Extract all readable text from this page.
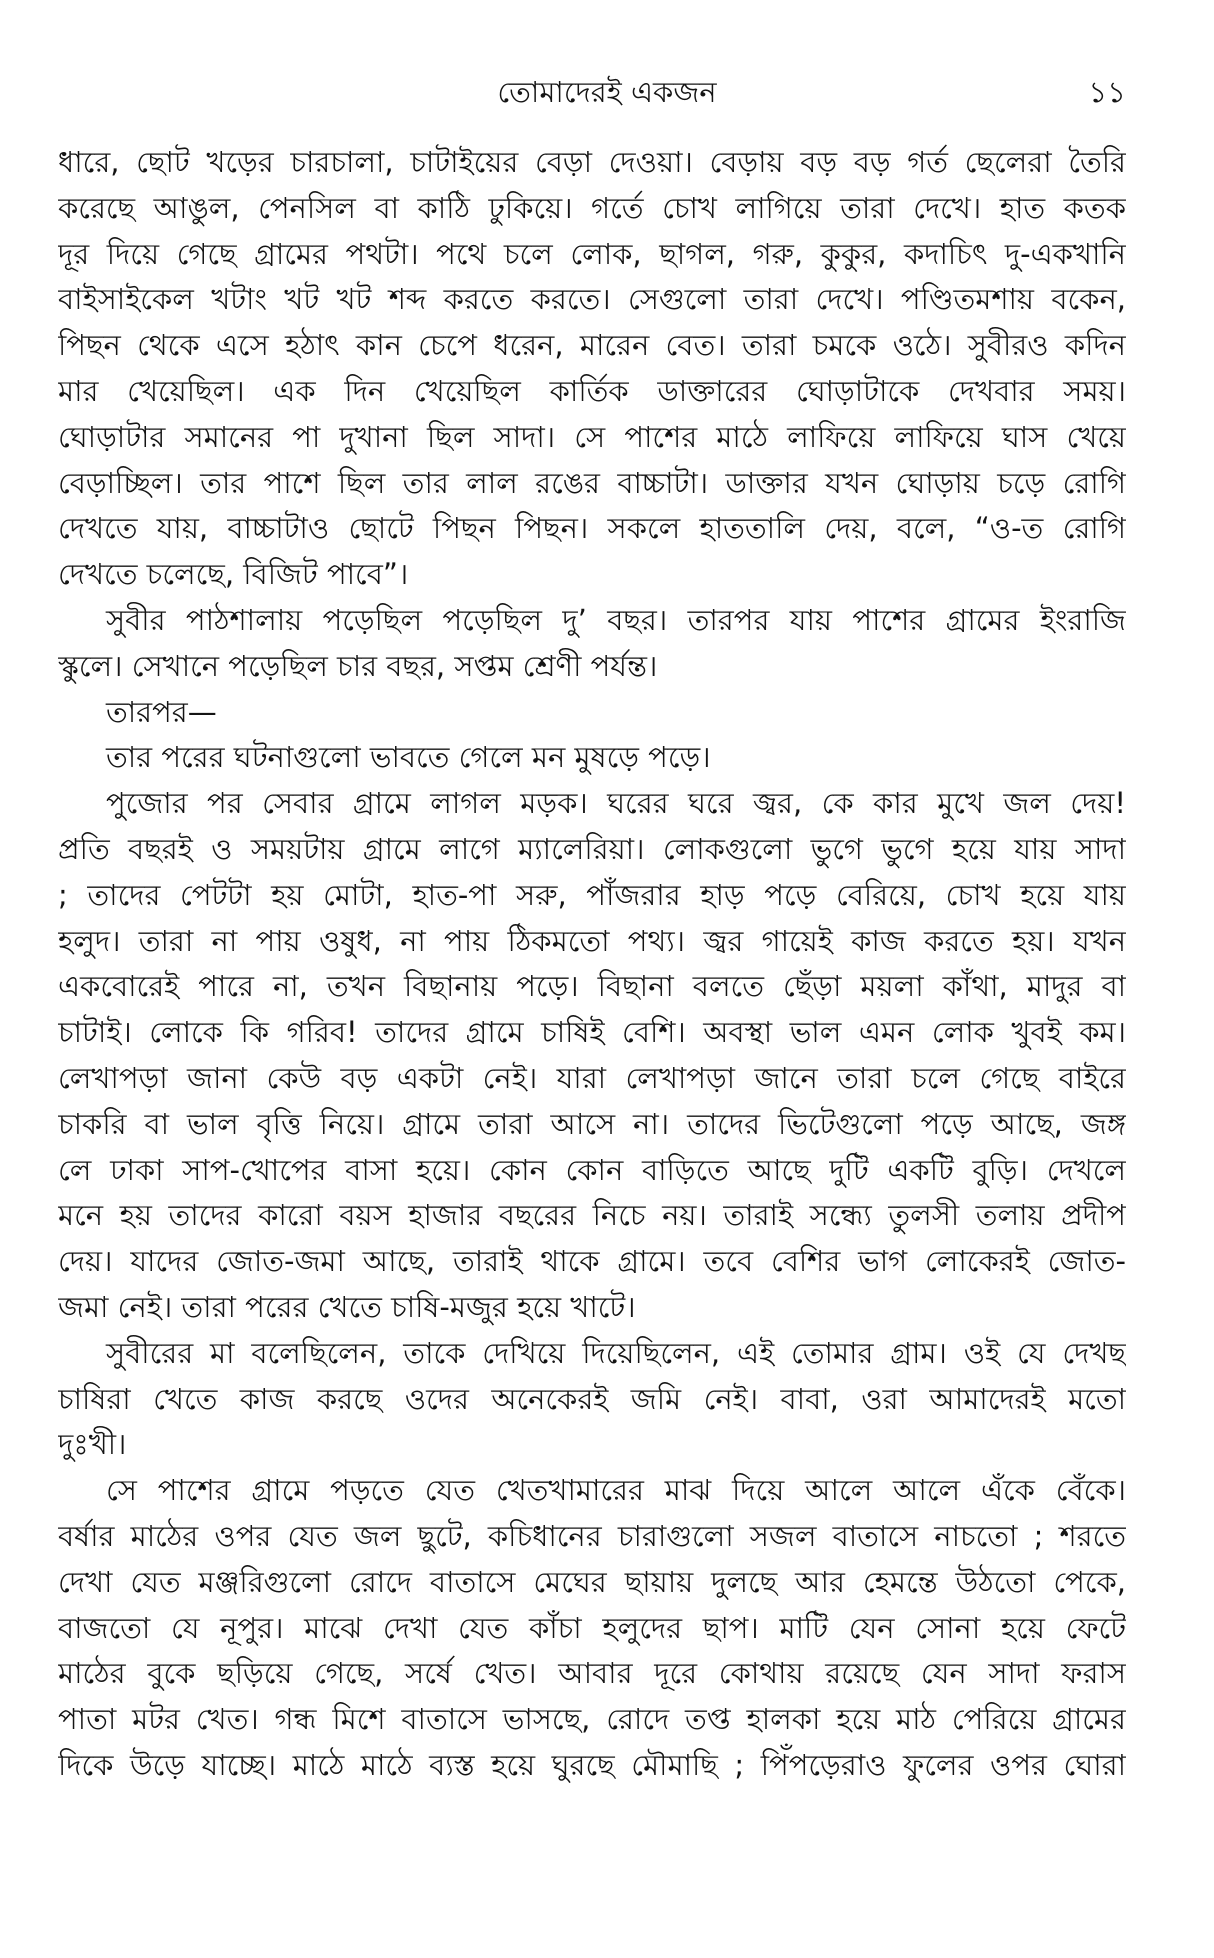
তোমাদেরই একজন	১১
ধারে, ছোট খড়ের চারচালা, চাটাইয়ের বেড়া দেওয়া। বেড়ায় বড় বড় গর্ত ছেলেরা তৈরি
করেছে আঙুল, পেনসিল বা কাঠি ঢুকিয়ে। গর্তে চোখ লাগিয়ে তারা দেখে। হাত কতক
দূর দিয়ে গেছে গ্রামের পথটা। পথে চলে লোক, ছাগল, গরু, কুকুর, কদাচিৎ দু-একখানি
বাইসাইকেল খটাং খট খট শব্দ করতে করতে। সেগুলো তারা দেখে। পণ্ডিতমশায় বকেন,
পিছন থেকে এসে হঠাৎ কান চেপে ধরেন, মারেন বেত। তারা চমকে ওঠে। সুবীরও কদিন
মার খেয়েছিল। এক দিন খেয়েছিল কার্তিক ডাক্তারের ঘোড়াটাকে দেখবার সময়।
ঘোড়াটার সমানের পা দুখানা ছিল সাদা। সে পাশের মাঠে লাফিয়ে লাফিয়ে ঘাস খেয়ে
বেড়াচ্ছিল। তার পাশে ছিল তার লাল রঙের বাচ্চাটা। ডাক্তার যখন ঘোড়ায় চড়ে রোগি
দেখতে যায়, বাচ্চাটাও ছোটে পিছন পিছন। সকলে হাততালি দেয়, বলে, “ও-ত রোগি
দেখতে চলেছে, বিজিট পাবে”।
সুবীর পাঠশালায় পড়েছিল পড়েছিল দু’ বছর। তারপর যায় পাশের গ্রামের ইংরাজি
স্কুলে। সেখানে পড়েছিল চার বছর, সপ্তম শ্রেণী পর্যন্ত।
তারপর—
তার পরের ঘটনাগুলো ভাবতে গেলে মন মুষড়ে পড়ে।
পুজোর পর সেবার গ্রামে লাগল মড়ক। ঘরের ঘরে জ্বর, কে কার মুখে জল দেয়!
প্রতি বছরই ও সময়টায় গ্রামে লাগে ম্যালেরিয়া। লোকগুলো ভুগে ভুগে হয়ে যায় সাদা
; তাদের পেটটা হয় মোটা, হাত-পা সরু, পাঁজরার হাড় পড়ে বেরিয়ে, চোখ হয়ে যায়
হলুদ। তারা না পায় ওষুধ, না পায় ঠিকমতো পথ্য। জ্বর গায়েই কাজ করতে হয়। যখন
একবোরেই পারে না, তখন বিছানায় পড়ে। বিছানা বলতে ছেঁড়া ময়লা কাঁথা, মাদুর বা
চাটাই। লোকে কি গরিব! তাদের গ্রামে চাষিই বেশি। অবস্থা ভাল এমন লোক খুবই কম।
লেখাপড়া জানা কেউ বড় একটা নেই। যারা লেখাপড়া জানে তারা চলে গেছে বাইরে
চাকরি বা ভাল বৃত্তি নিয়ে। গ্রামে তারা আসে না। তাদের ভিটেগুলো পড়ে আছে, জঙ্গ
লে ঢাকা সাপ-খোপের বাসা হয়ে। কোন কোন বাড়িতে আছে দুটি একটি বুড়ি। দেখলে
মনে হয় তাদের কারো বয়স হাজার বছরের নিচে নয়। তারাই সন্ধ্যে তুলসী তলায় প্রদীপ
দেয়। যাদের জোত-জমা আছে, তারাই থাকে গ্রামে। তবে বেশির ভাগ লোকেরই জোত-
জমা নেই। তারা পরের খেতে চাষি-মজুর হয়ে খাটে।
সুবীরের মা বলেছিলেন, তাকে দেখিয়ে দিয়েছিলেন, এই তোমার গ্রাম। ওই যে দেখছ
চাষিরা খেতে কাজ করছে ওদের অনেকেরই জমি নেই। বাবা, ওরা আমাদেরই মতো
দুঃখী।
সে পাশের গ্রামে পড়তে যেত খেতখামারের মাঝ দিয়ে আলে আলে এঁকে বেঁকে।
বর্ষার মাঠের ওপর যেত জল ছুটে, কচিধানের চারাগুলো সজল বাতাসে নাচতো ; শরতে
দেখা যেত মঞ্জরিগুলো রোদে বাতাসে মেঘের ছায়ায় দুলছে আর হেমন্তে উঠতো পেকে,
বাজতো যে নূপুর। মাঝে দেখা যেত কাঁচা হলুদের ছাপ। মাটি যেন সোনা হয়ে ফেটে
মাঠের বুকে ছড়িয়ে গেছে, সর্ষে খেত। আবার দূরে কোথায় রয়েছে যেন সাদা ফরাস
পাতা মটর খেত। গন্ধ মিশে বাতাসে ভাসছে, রোদে তপ্ত হালকা হয়ে মাঠ পেরিয়ে গ্রামের
দিকে উড়ে যাচ্ছে। মাঠে মাঠে ব্যস্ত হয়ে ঘুরছে মৌমাছি ; পিঁপড়েরাও ফুলের ওপর ঘোরা
